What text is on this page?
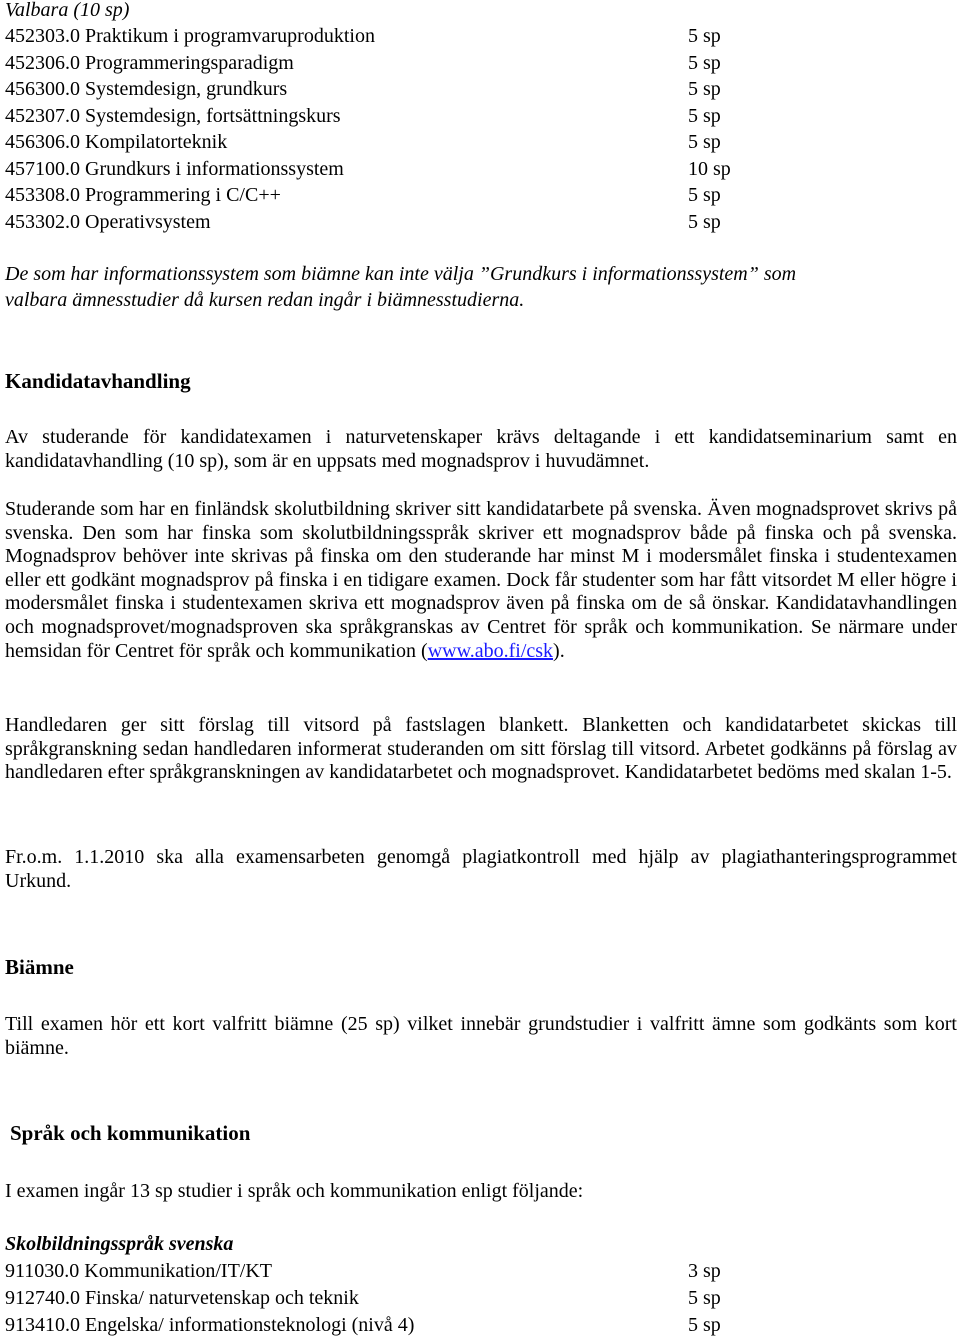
Valbara (10 sp)
452303.0 Praktikum i programvaruproduktion	5 sp
452306.0 Programmeringsparadigm	5 sp
456300.0 Systemdesign, grundkurs	5 sp
452307.0 Systemdesign, fortsättningskurs	5 sp
456306.0 Kompilatorteknik	5 sp
457100.0 Grundkurs i informationssystem	10 sp
453308.0 Programmering i C/C++	5 sp
453302.0 Operativsystem	5 sp
De som har informationssystem som biämne kan inte välja ”Grundkurs i informationssystem” som
valbara ämnesstudier då kursen redan ingår i biämnesstudierna.
Kandidatavhandling
Av studerande för kandidatexamen i naturvetenskaper krävs deltagande i ett kandidatseminarium samt en kandidatavhandling (10 sp), som är en uppsats med mognadsprov i huvudämnet.
Studerande som har en finländsk skolutbildning skriver sitt kandidatarbete på svenska. Även mognadsprovet skrivs på svenska. Den som har finska som skolutbildningsspråk skriver ett mognadsprov både på finska och på svenska. Mognadsprov behöver inte skrivas på finska om den studerande har minst M i modersmålet finska i studentexamen eller ett godkänt mognadsprov på finska i en tidigare examen. Dock får studenter som har fått vitsordet M eller högre i modersmålet finska i studentexamen skriva ett mognadsprov även på finska om de så önskar. Kandidatavhandlingen och mognadsprovet/mognadsproven ska språkgranskas av Centret för språk och kommunikation. Se närmare under hemsidan för Centret för språk och kommunikation (www.abo.fi/csk).
Handledaren ger sitt förslag till vitsord på fastslagen blankett. Blanketten och kandidatarbetet skickas till språkgranskning sedan handledaren informerat studeranden om sitt förslag till vitsord. Arbetet godkänns på förslag av handledaren efter språkgranskningen av kandidatarbetet och mognadsprovet. Kandidatarbetet bedöms med skalan 1-5.
Fr.o.m. 1.1.2010 ska alla examensarbeten genomgå plagiatkontroll med hjälp av plagiathanteringsprogrammet Urkund.
Biämne
Till examen hör ett kort valfritt biämne (25 sp) vilket innebär grundstudier i valfritt ämne som godkänts som kort biämne.
Språk och kommunikation
I examen ingår 13 sp studier i språk och kommunikation enligt följande:
Skolbildningsspråk svenska
911030.0 Kommunikation/IT/KT	3 sp
912740.0 Finska/ naturvetenskap och teknik	5 sp
913410.0 Engelska/ informationsteknologi (nivå 4)	5 sp
